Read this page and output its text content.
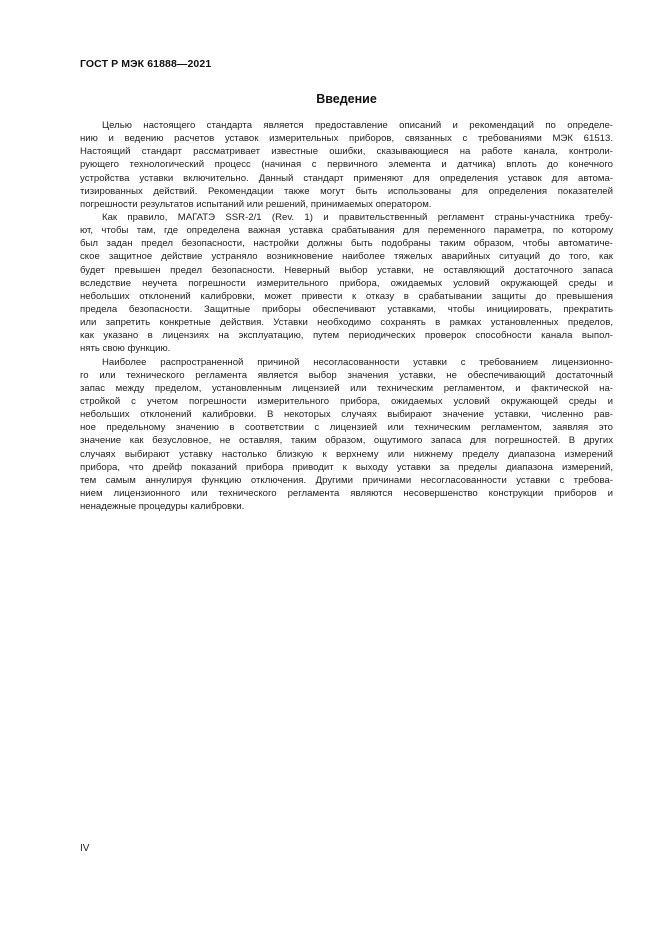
ГОСТ Р МЭК 61888—2021
Введение
Целью настоящего стандарта является предоставление описаний и рекомендаций по определе-
нию и ведению расчетов уставок измерительных приборов, связанных с требованиями МЭК 61513.
Настоящий стандарт рассматривает известные ошибки, сказывающиеся на работе канала, контроли-
рующего технологический процесс (начиная с первичного элемента и датчика) вплоть до конечного
устройства уставки включительно. Данный стандарт применяют для определения уставок для автома-
тизированных действий. Рекомендации также могут быть использованы для определения показателей
погрешности результатов испытаний или решений, принимаемых оператором.
Как правило, МАГАТЭ SSR-2/1 (Rev. 1) и правительственный регламент страны-участника требу-
ют, чтобы там, где определена важная уставка срабатывания для переменного параметра, по которому
был задан предел безопасности, настройки должны быть подобраны таким образом, чтобы автоматиче-
ское защитное действие устраняло возникновение наиболее тяжелых аварийных ситуаций до того, как
будет превышен предел безопасности. Неверный выбор уставки, не оставляющий достаточного запаса
вследствие неучета погрешности измерительного прибора, ожидаемых условий окружающей среды и
небольших отклонений калибровки, может привести к отказу в срабатывании защиты до превышения
предела безопасности. Защитные приборы обеспечивают уставками, чтобы инициировать, прекратить
или запретить конкретные действия. Уставки необходимо сохранять в рамках установленных пределов,
как указано в лицензиях на эксплуатацию, путем периодических проверок способности канала выпол-
нять свою функцию.
Наиболее распространенной причиной несогласованности уставки с требованием лицензионно-
го или технического регламента является выбор значения уставки, не обеспечивающий достаточный
запас между пределом, установленным лицензией или техническим регламентом, и фактической на-
стройкой с учетом погрешности измерительного прибора, ожидаемых условий окружающей среды и
небольших отклонений калибровки. В некоторых случаях выбирают значение уставки, численно рав-
ное предельному значению в соответствии с лицензией или техническим регламентом, заявляя это
значение как безусловное, не оставляя, таким образом, ощутимого запаса для погрешностей. В других
случаях выбирают уставку настолько близкую к верхнему или нижнему пределу диапазона измерений
прибора, что дрейф показаний прибора приводит к выходу уставки за пределы диапазона измерений,
тем самым аннулируя функцию отключения. Другими причинами несогласованности уставки с требова-
нием лицензионного или технического регламента являются несовершенство конструкции приборов и
ненадежные процедуры калибровки.
IV
